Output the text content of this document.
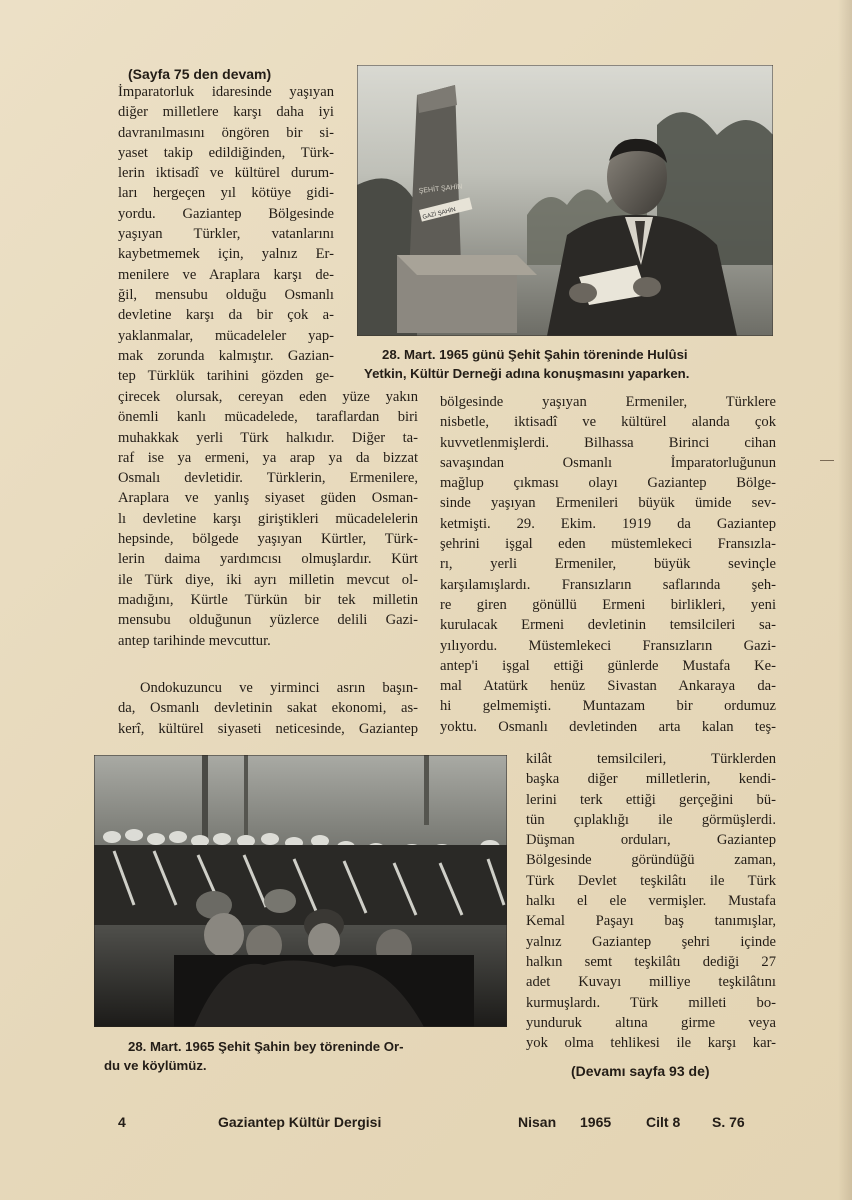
(Sayfa 75 den devam)
İmparatorluk idaresinde yaşıyan
diğer milletlere karşı daha iyi
davranılmasını öngören bir si-
yaset takip edildiğinden, Türk-
lerin iktisadî ve kültürel durum-
ları hergeçen yıl kötüye gidi-
yordu. Gaziantep Bölgesinde
yaşıyan Türkler, vatanlarını
kaybetmemek için, yalnız Er-
menilere ve Araplara karşı de-
ğil, mensubu olduğu Osmanlı
devletine karşı da bir çok a-
yaklanmalar, mücadeleler yap-
mak zorunda kalmıştır. Gazian-
tep Türklük tarihini gözden ge-
çirecek olursak, cereyan eden yüze yakın
önemli kanlı mücadelede, taraflardan biri
muhakkak yerli Türk halkıdır. Diğer ta-
raf ise ya ermeni, ya arap ya da bizzat
Osmalı devletidir. Türklerin, Ermenilere,
Araplara ve yanlış siyaset güden Osman-
lı devletine karşı giriştikleri mücadelelerin
hepsinde, bölgede yaşıyan Kürtler, Türk-
lerin daima yardımcısı olmuşlardır. Kürt
ile Türk diye, iki ayrı milletin mevcut ol-
madığını, Kürtle Türkün bir tek milletin
mensubu olduğunun yüzlerce delili Gazi-
antep tarihinde mevcuttur.
Ondokuzuncu ve yirminci asrın başın-
da, Osmanlı devletinin sakat ekonomi, as-
kerî, kültürel siyaseti neticesinde, Gaziantep
bölgesinde yaşıyan Ermeniler, Türklere
nisbetle, iktisadî ve kültürel alanda çok
kuvvetlenmişlerdi. Bilhassa Birinci cihan
savaşından Osmanlı İmparatorluğunun
mağlup çıkması olayı Gaziantep Bölge-
sinde yaşıyan Ermenileri büyük ümide sev-
ketmişti. 29. Ekim. 1919 da Gaziantep
şehrini işgal eden müstemlekeci Fransızla-
rı, yerli Ermeniler, büyük sevinçle
karşılamışlardı. Fransızların saflarında şeh-
re giren gönüllü Ermeni birlikleri, yeni
kurulacak Ermeni devletinin temsilcileri sa-
yılıyordu. Müstemlekeci Fransızların Gazi-
antep'i işgal ettiği günlerde Mustafa Ke-
mal Atatürk henüz Sivastan Ankaraya da-
hi gelmemişti. Muntazam bir ordumuz
yoktu. Osmanlı devletinden arta kalan teş-
kilât temsilcileri, Türklerden
başka diğer milletlerin, kendi-
lerini terk ettiği gerçeğini bü-
tün çıplaklığı ile görmüşlerdi.
Düşman orduları, Gaziantep
Bölgesinde göründüğü zaman,
Türk Devlet teşkilâtı ile Türk
halkı el ele vermişler. Mustafa
Kemal Paşayı baş tanımışlar,
yalnız Gaziantep şehri içinde
halkın semt teşkilâtı dediği 27
adet Kuvayı milliye teşkilâtını
kurmuşlardı. Türk milleti bo-
yunduruk altına girme veya
yok olma tehlikesi ile karşı kar-
(Devamı sayfa 93 de)
ŞEHİT ŞAHİN
GAZİ ŞAHİN
28. Mart. 1965 günü Şehit Şahin töreninde Hulûsi
Yetkin, Kültür Derneği adına konuşmasını yaparken.
28. Mart. 1965 Şehit Şahin bey töreninde Or-
du ve köylümüz.
4	Gaziantep Kültür Dergisi	Nisan 1965 Cilt 8 S. 76
